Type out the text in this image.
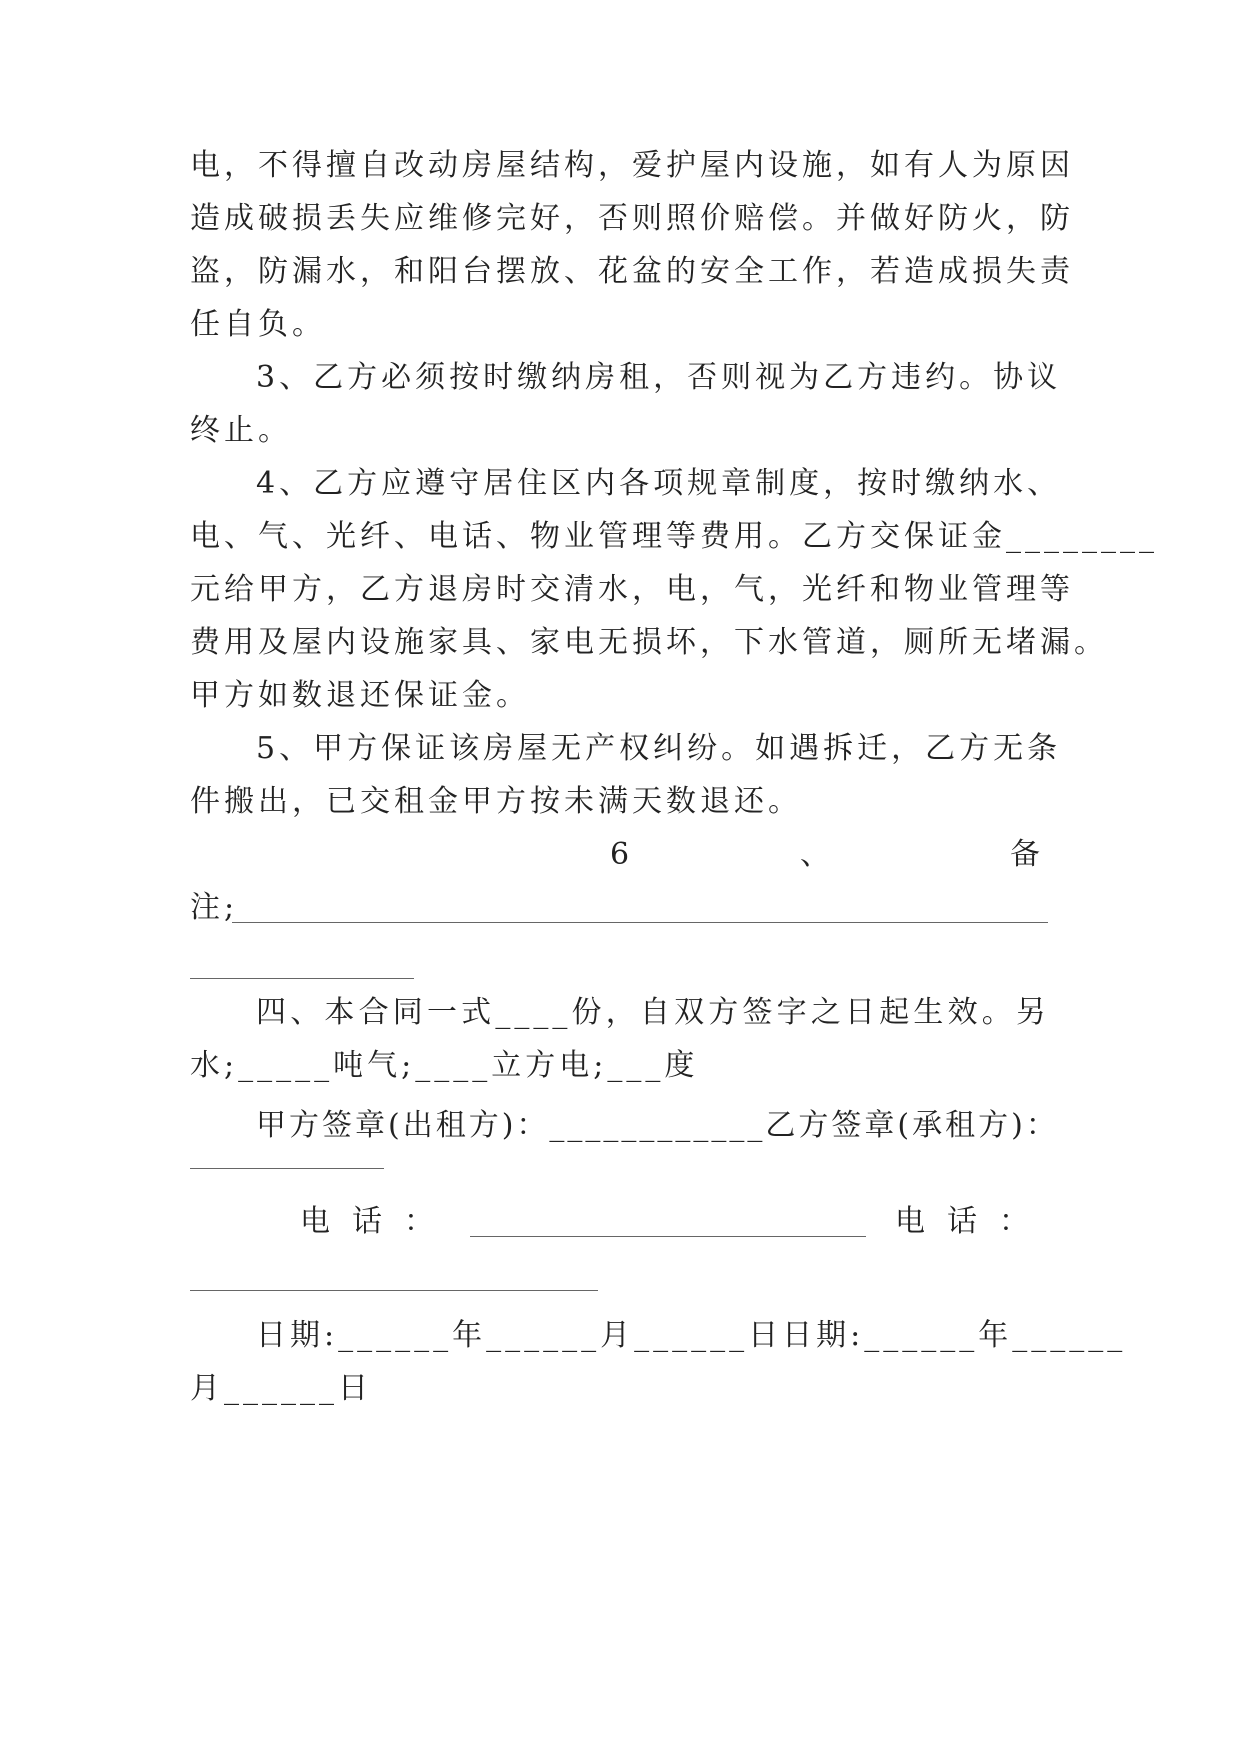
电，不得擅自改动房屋结构，爱护屋内设施，如有人为原因
造成破损丢失应维修完好，否则照价赔偿。并做好防火，防
盗，防漏水，和阳台摆放、花盆的安全工作，若造成损失责
任自负。
3、乙方必须按时缴纳房租，否则视为乙方违约。协议
终止。
4、乙方应遵守居住区内各项规章制度，按时缴纳水、
电、气、光纤、电话、物业管理等费用。乙方交保证金________
元给甲方，乙方退房时交清水，电，气，光纤和物业管理等
费用及屋内设施家具、家电无损坏，下水管道，厕所无堵漏。
甲方如数退还保证金。
5、甲方保证该房屋无产权纠纷。如遇拆迁，乙方无条
件搬出，已交租金甲方按未满天数退还。
6	、	备
注;
四、本合同一式____份，自双方签字之日起生效。另
水;_____吨气;____立方电;___度
甲方签章(出租方)：____________乙方签章(承租方)：
电话：	电话：
日期:______年______月______日日期:______年______
月______日
